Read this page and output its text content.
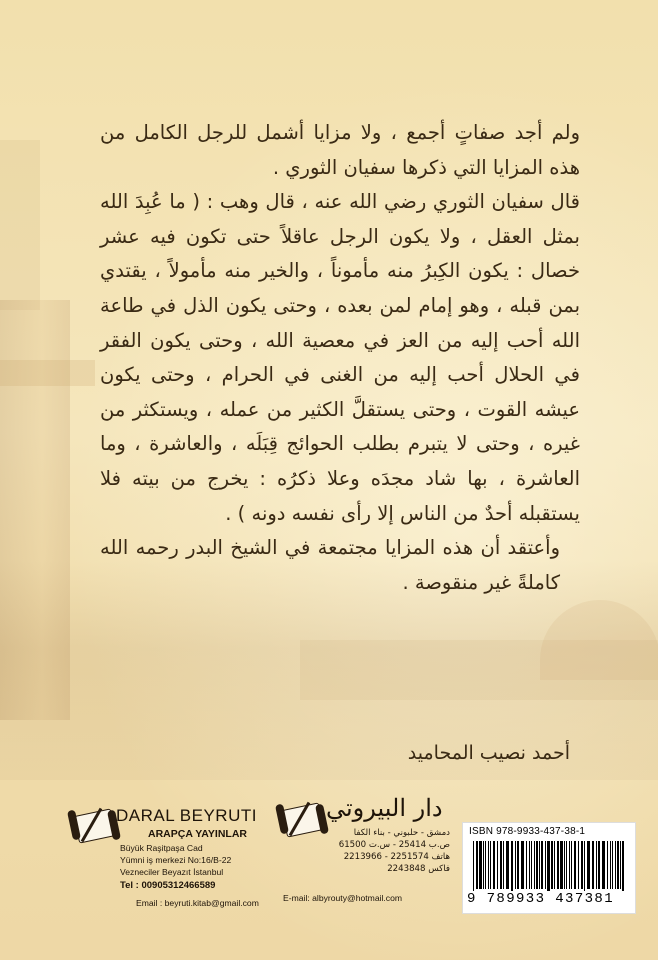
ولم أجد صفاتٍ أجمع ، ولا مزايا أشمل للرجل الكامل من هذه المزايا التي ذكرها سفيان الثوري .

قال سفيان الثوري رضي الله عنه ، قال وهب : ( ما عُبِدَ الله بمثل العقل ، ولا يكون الرجل عاقلاً حتى تكون فيه عشر خصال : يكون الكِبرُ منه مأموناً ، والخير منه مأمولاً ، يقتدي بمن قبله ، وهو إمام لمن بعده ، وحتى يكون الذل في طاعة الله أحب إليه من العز في معصية الله ، وحتى يكون الفقر في الحلال أحب إليه من الغنى في الحرام ، وحتى يكون عيشه القوت ، وحتى يستقلَّ الكثير من عمله ، ويستكثر من غيره ، وحتى لا يتبرم بطلب الحوائج قِبَلَه ، والعاشرة ، وما العاشرة ، بها شاد مجدَه وعلا ذكرُه : يخرج من بيته فلا يستقبله أحدٌ من الناس إلا رأى نفسه دونه ) .

وأعتقد أن هذه المزايا مجتمعة في الشيخ البدر رحمه الله كاملةً غير منقوصة .

أحمد نصيب المحاميد
DARAL BEYRUTI
ARAPÇA YAYINLAR
Büyük Raşitpaşa Cad
Yümni iş merkezi No:16/B-22
Vezneciler Beyazıt İstanbul
Tel : 00905312466589
Email : beyruti.kitab@gmail.com
دار البيروتي
دمشق - حلبوني - بناء الكفا
ص.ب 25414 - س.ت 61500
هاتف 2251574 - 2213966
فاكس 2243848
E-mail: albyrouty@hotmail.com
ISBN 978-9933-437-38-1
9 789933 437381
